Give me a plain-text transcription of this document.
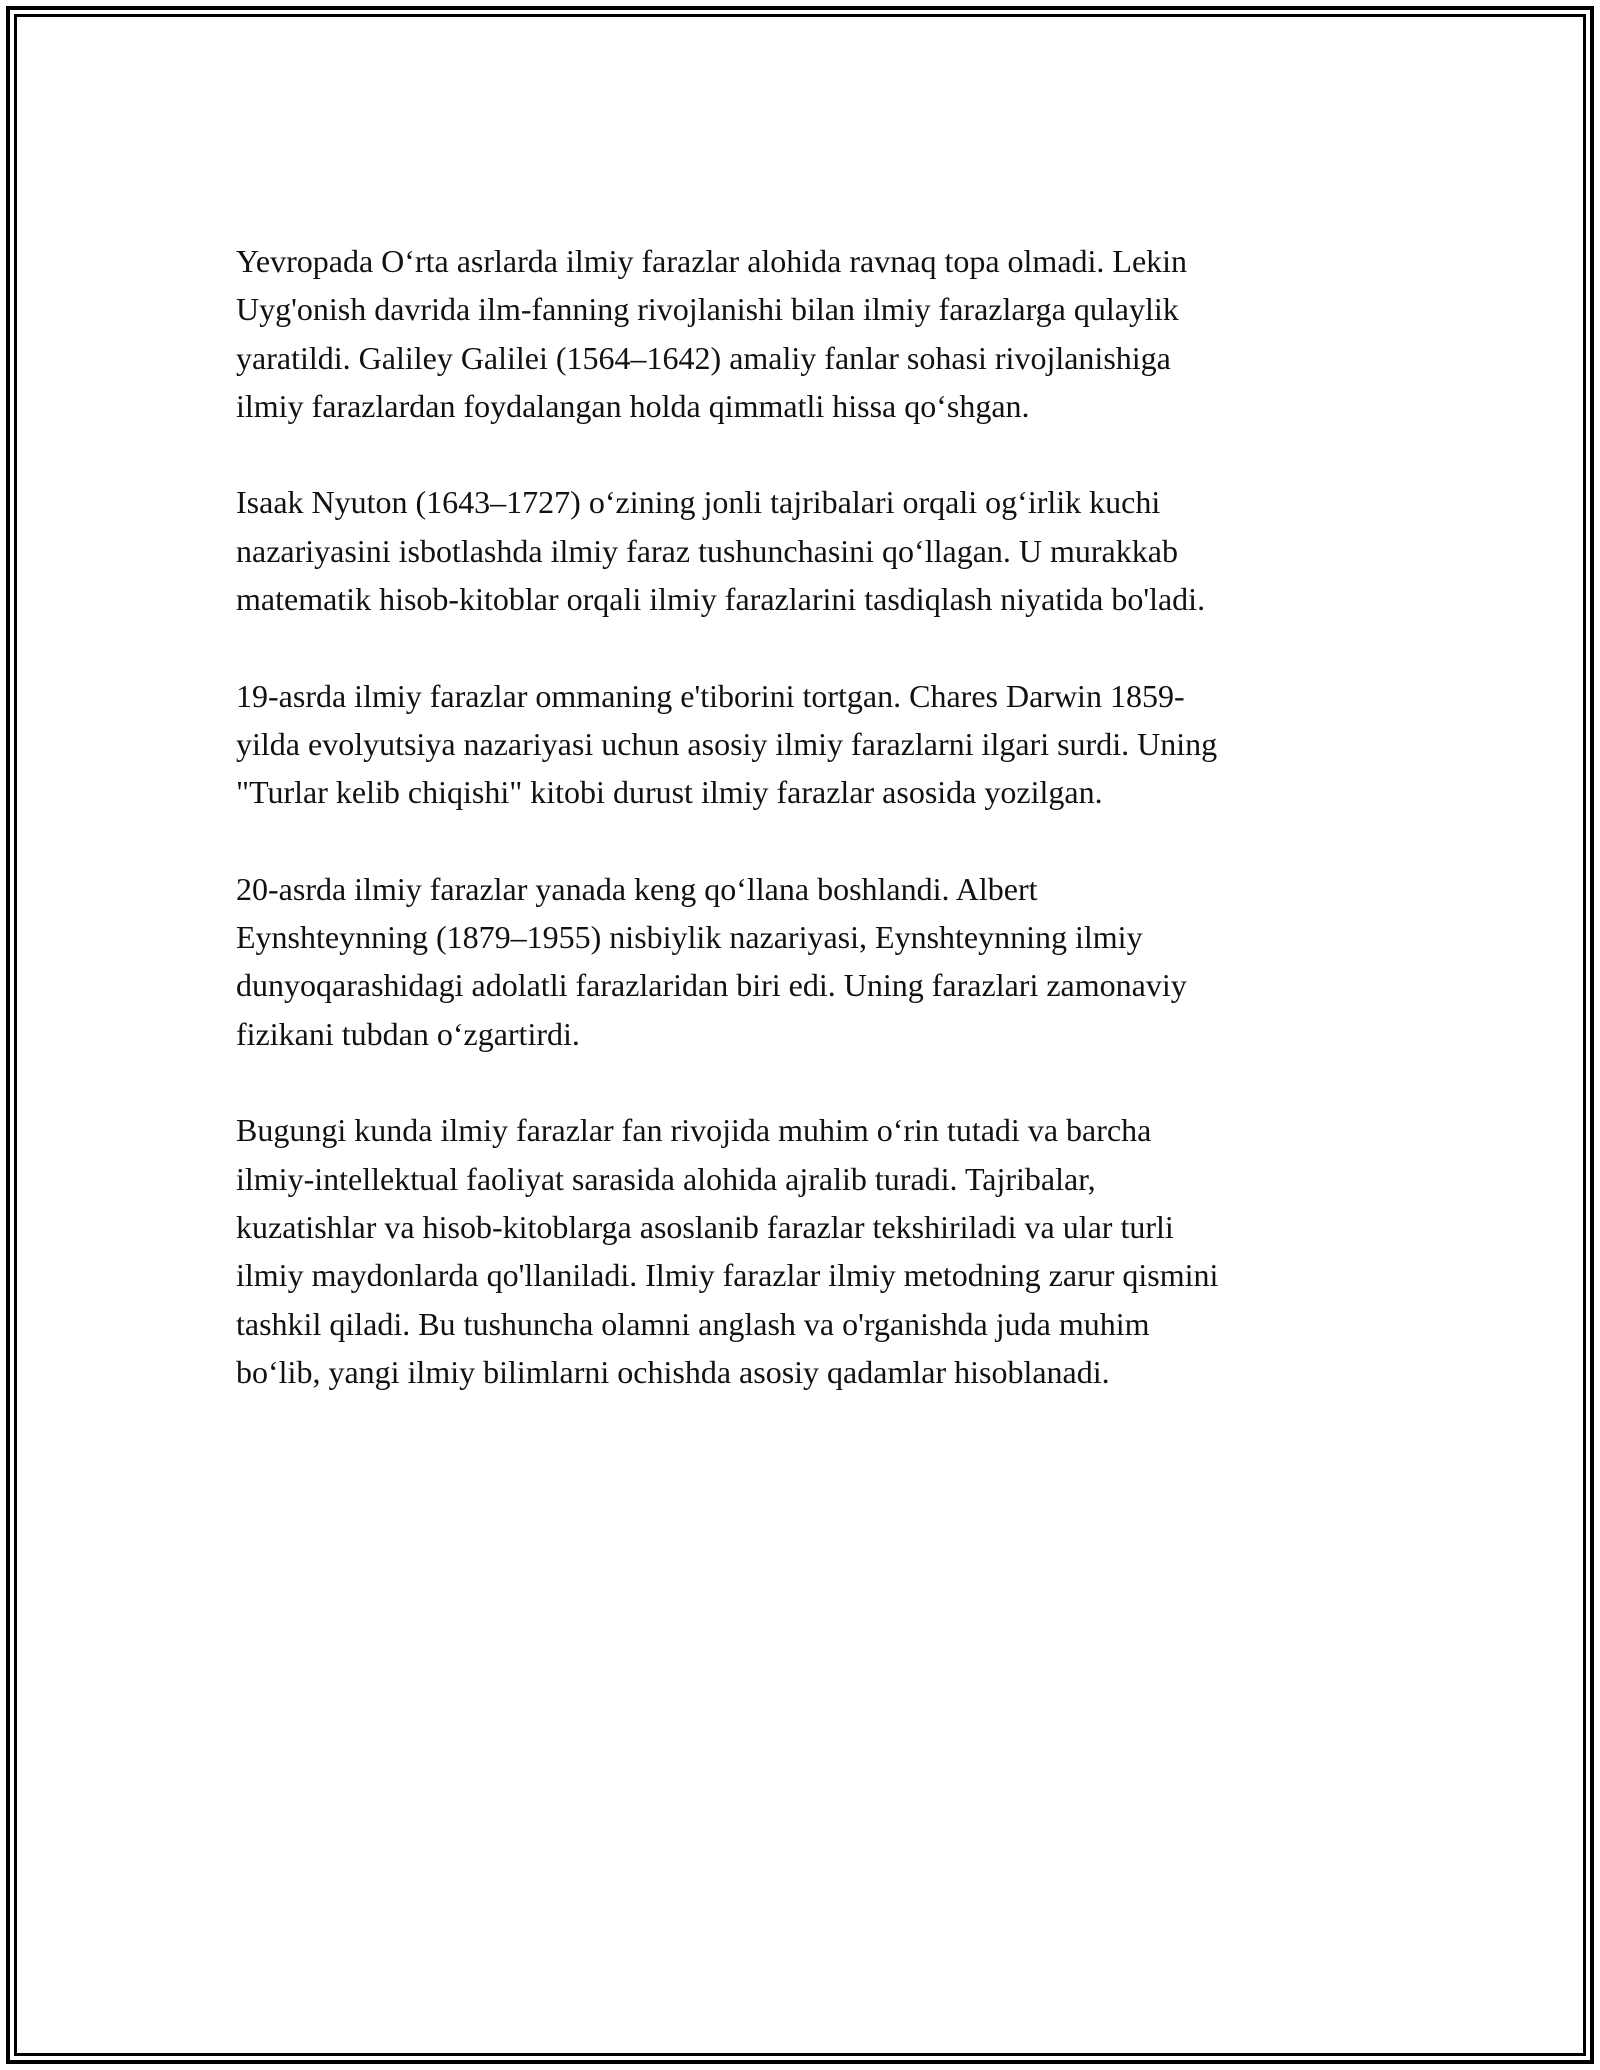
Yevropada O‘rta asrlarda ilmiy farazlar alohida ravnaq topa olmadi. Lekin
Uyg'onish davrida ilm-fanning rivojlanishi bilan ilmiy farazlarga qulaylik
yaratildi. Galiley Galilei (1564–1642) amaliy fanlar sohasi rivojlanishiga
ilmiy farazlardan foydalangan holda qimmatli hissa qo‘shgan.

Isaak Nyuton (1643–1727) o‘zining jonli tajribalari orqali og‘irlik kuchi
nazariyasini isbotlashda ilmiy faraz tushunchasini qo‘llagan. U murakkab
matematik hisob-kitoblar orqali ilmiy farazlarini tasdiqlash niyatida bo'ladi.

19-asrda ilmiy farazlar ommaning e'tiborini tortgan. Chares Darwin 1859-
yilda evolyutsiya nazariyasi uchun asosiy ilmiy farazlarni ilgari surdi. Uning
"Turlar kelib chiqishi" kitobi durust ilmiy farazlar asosida yozilgan.

20-asrda ilmiy farazlar yanada keng qo‘llana boshlandi. Albert
Eynshteynning (1879–1955) nisbiylik nazariyasi, Eynshteynning ilmiy
dunyoqarashidagi adolatli farazlaridan biri edi. Uning farazlari zamonaviy
fizikani tubdan o‘zgartirdi.

Bugungi kunda ilmiy farazlar fan rivojida muhim o‘rin tutadi va barcha
ilmiy-intellektual faoliyat sarasida alohida ajralib turadi. Tajribalar,
kuzatishlar va hisob-kitoblarga asoslanib farazlar tekshiriladi va ular turli
ilmiy maydonlarda qo'llaniladi. Ilmiy farazlar ilmiy metodning zarur qismini
tashkil qiladi. Bu tushuncha olamni anglash va o'rganishda juda muhim
bo‘lib, yangi ilmiy bilimlarni ochishda asosiy qadamlar hisoblanadi.
